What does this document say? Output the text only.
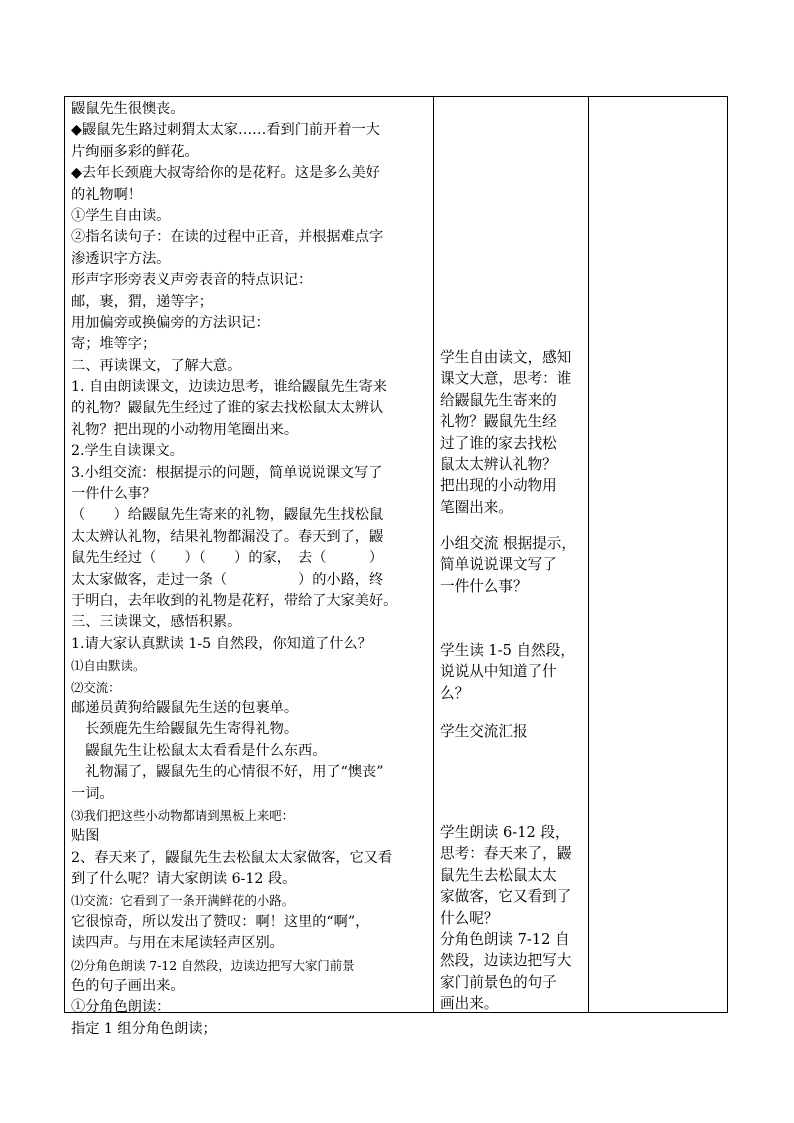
鼹鼠先生很懊丧。
◆鼹鼠先生路过刺猬太太家……看到门前开着一大
片绚丽多彩的鲜花。
◆去年长颈鹿大叔寄给你的是花籽。这是多么美好
的礼物啊！
①学生自由读。
②指名读句子：在读的过程中正音，并根据难点字
渗透识字方法。
形声字形旁表义声旁表音的特点识记：
邮，裹，猬，递等字；
用加偏旁或换偏旁的方法识记：
寄；堆等字；
二、再读课文，了解大意。
1. 自由朗读课文，边读边思考，谁给鼹鼠先生寄来
的礼物？鼹鼠先生经过了谁的家去找松鼠太太辨认
礼物？把出现的小动物用笔圈出来。
2.学生自读课文。
3.小组交流：根据提示的问题，简单说说课文写了
一件什么事？
（　　）给鼹鼠先生寄来的礼物，鼹鼠先生找松鼠
太太辨认礼物，结果礼物都漏没了。春天到了，鼹
鼠先生经过（　　）（　　）的家，　去（　　　）
太太家做客，走过一条（　　　　　）的小路，终
于明白，去年收到的礼物是花籽，带给了大家美好。
三、三读课文，感悟积累。
1.请大家认真默读 1-5 自然段，你知道了什么？
⑴自由默读。
⑵交流：
邮递员黄狗给鼹鼠先生送的包裹单。
　长颈鹿先生给鼹鼠先生寄得礼物。
　鼹鼠先生让松鼠太太看看是什么东西。
　礼物漏了，鼹鼠先生的心情很不好，用了“懊丧”
一词。
⑶我们把这些小动物都请到黑板上来吧：
贴图
2、春天来了，鼹鼠先生去松鼠太太家做客，它又看
到了什么呢？请大家朗读 6-12 段。
⑴交流：它看到了一条开满鲜花的小路。
它很惊奇，所以发出了赞叹：啊！这里的“啊”，
读四声。与用在末尾读轻声区别。
⑵分角色朗读 7-12 自然段，边读边把写大家门前景
色的句子画出来。
①分角色朗读：
指定 1 组分角色朗读；
学生自由读文，感知
课文大意，思考：谁
给鼹鼠先生寄来的
礼物？鼹鼠先生经
过了谁的家去找松
鼠太太辨认礼物？
把出现的小动物用
笔圈出来。
小组交流 根据提示，
简单说说课文写了
一件什么事？
学生读 1-5 自然段，
说说从中知道了什
么？
学生交流汇报
学生朗读 6-12 段，
思考：春天来了，鼹
鼠先生去松鼠太太
家做客，它又看到了
什么呢？
分角色朗读 7-12 自
然段，边读边把写大
家门前景色的句子
画出来。
